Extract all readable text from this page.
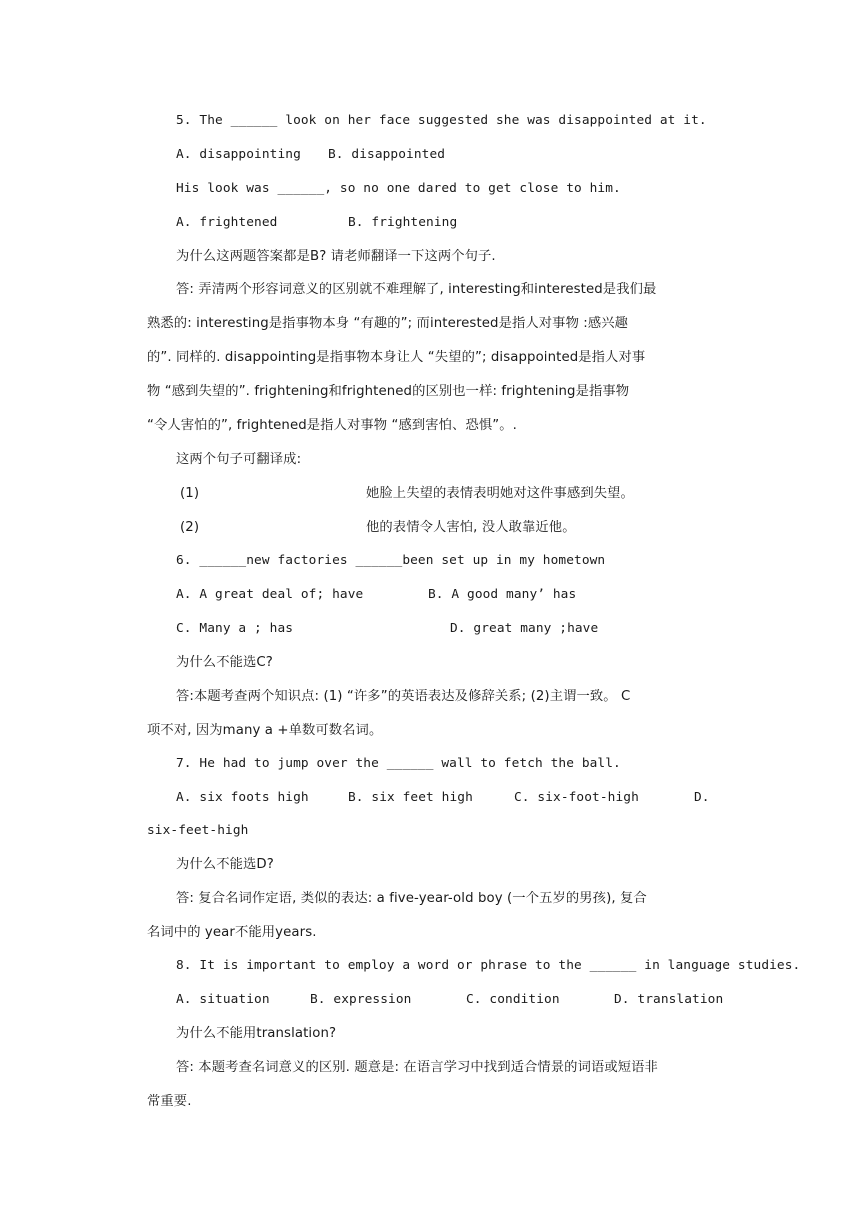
5. The ______ look on her face suggested she was disappointed at it.

A. disappointing

B. disappointed

His look was ______, so no one dared to get close to him.

A. frightened

	B. frightening

为什么这两题答案都是B? 请老师翻译一下这两个句子.
答: 弄清两个形容词意义的区别就不难理解了, interesting和interested是我们最
熟悉的: interesting是指事物本身 “有趣的”; 而interested是指人对事物 :感兴趣
的”. 同样的. disappointing是指事物本身让人 “失望的”; disappointed是指人对事
物 “感到失望的”. frightening和frightened的区别也一样: frightening是指事物
“令人害怕的”, frightened是指人对事物 “感到害怕、恐惧”。.
这两个句子可翻译成:

(1)

	她脸上失望的表情表明她对这件事感到失望。

(2)

	他的表情令人害怕, 没人敢靠近他。

6. ______new factories ______been set up in my hometown

A. A great deal of; have

	B. A good many’ has

C. Many a ; has

	D. great many ;have

为什么不能选C?
答:本题考查两个知识点: (1) “许多”的英语表达及修辞关系; (2)主谓一致。 C
项不对, 因为many a +单数可数名词。
7. He had to jump over the ______ wall to fetch the ball.

A. six foots high

	B. six feet high

	C. six-foot-high

	D.

six-feet-high
为什么不能选D?
答: 复合名词作定语, 类似的表达: a five-year-old boy (一个五岁的男孩), 复合
名词中的 year不能用years.
8. It is important to employ a word or phrase to the ______ in language studies.

A. situation

	B. expression

	C. condition

	D. translation

为什么不能用translation?
答: 本题考查名词意义的区别. 题意是: 在语言学习中找到适合情景的词语或短语非
常重要.
